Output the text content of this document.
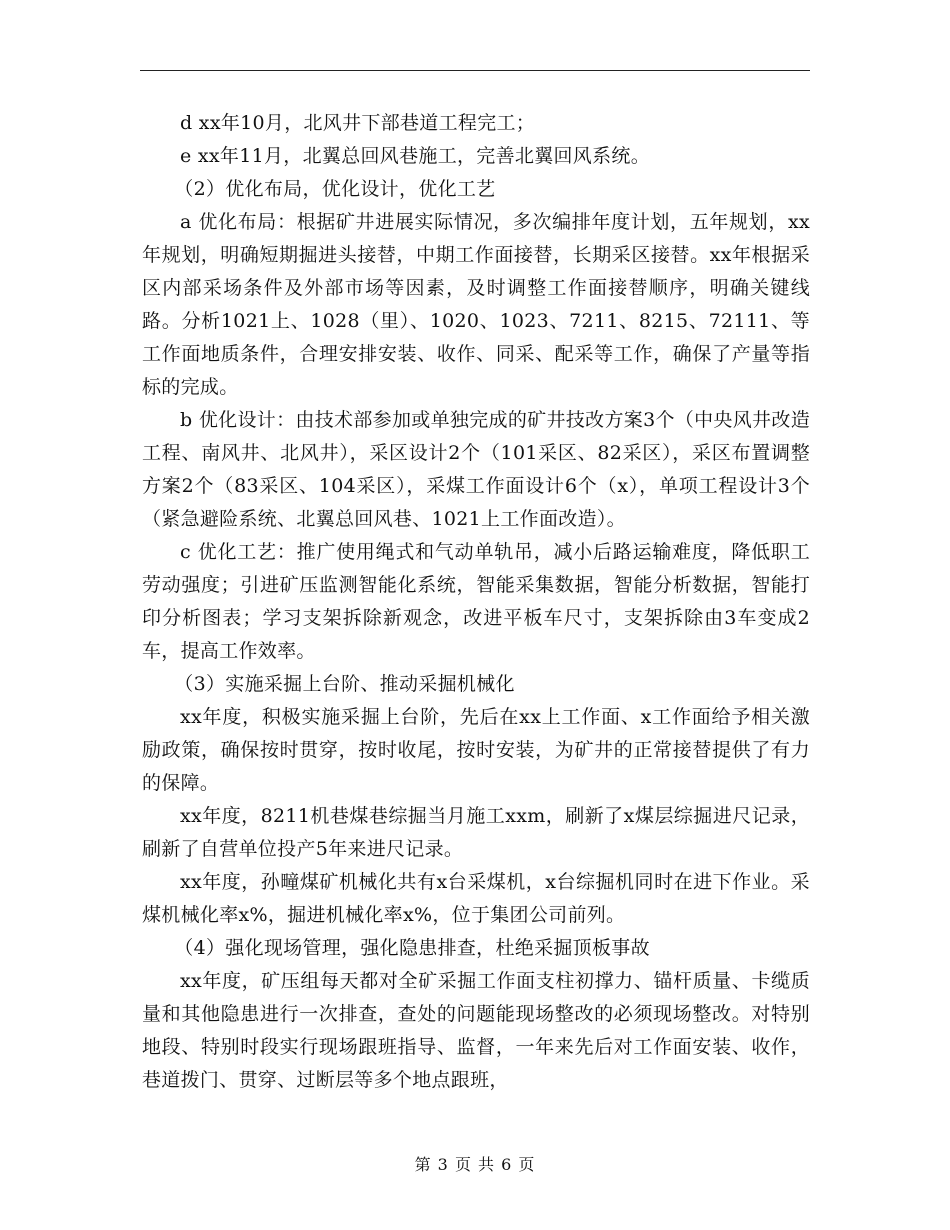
d xx年10月，北风井下部巷道工程完工；

e xx年11月，北翼总回风巷施工，完善北翼回风系统。

（2）优化布局，优化设计，优化工艺

a 优化布局：根据矿井进展实际情况，多次编排年度计划，五年规划，xx年规划，明确短期掘进头接替，中期工作面接替，长期采区接替。xx年根据采区内部采场条件及外部市场等因素，及时调整工作面接替顺序，明确关键线路。分析1021上、1028（里）、1020、1023、7211、8215、72111、等工作面地质条件，合理安排安装、收作、同采、配采等工作，确保了产量等指标的完成。

b 优化设计：由技术部参加或单独完成的矿井技改方案3个（中央风井改造工程、南风井、北风井），采区设计2个（101采区、82采区），采区布置调整方案2个（83采区、104采区），采煤工作面设计6个（x），单项工程设计3个（紧急避险系统、北翼总回风巷、1021上工作面改造）。

c 优化工艺：推广使用绳式和气动单轨吊，减小后路运输难度，降低职工劳动强度；引进矿压监测智能化系统，智能采集数据，智能分析数据，智能打印分析图表；学习支架拆除新观念，改进平板车尺寸，支架拆除由3车变成2车，提高工作效率。

（3）实施采掘上台阶、推动采掘机械化

xx年度，积极实施采掘上台阶，先后在xx上工作面、x工作面给予相关激励政策，确保按时贯穿，按时收尾，按时安装，为矿井的正常接替提供了有力的保障。

xx年度，8211机巷煤巷综掘当月施工xxm，刷新了x煤层综掘进尺记录，刷新了自营单位投产5年来进尺记录。

xx年度，孙疃煤矿机械化共有x台采煤机，x台综掘机同时在进下作业。采煤机械化率x%，掘进机械化率x%，位于集团公司前列。

（4）强化现场管理，强化隐患排查，杜绝采掘顶板事故

xx年度，矿压组每天都对全矿采掘工作面支柱初撑力、锚杆质量、卡缆质量和其他隐患进行一次排查，查处的问题能现场整改的必须现场整改。对特别地段、特别时段实行现场跟班指导、监督，一年来先后对工作面安装、收作，巷道拨门、贯穿、过断层等多个地点跟班，

第 3 页 共 6 页
